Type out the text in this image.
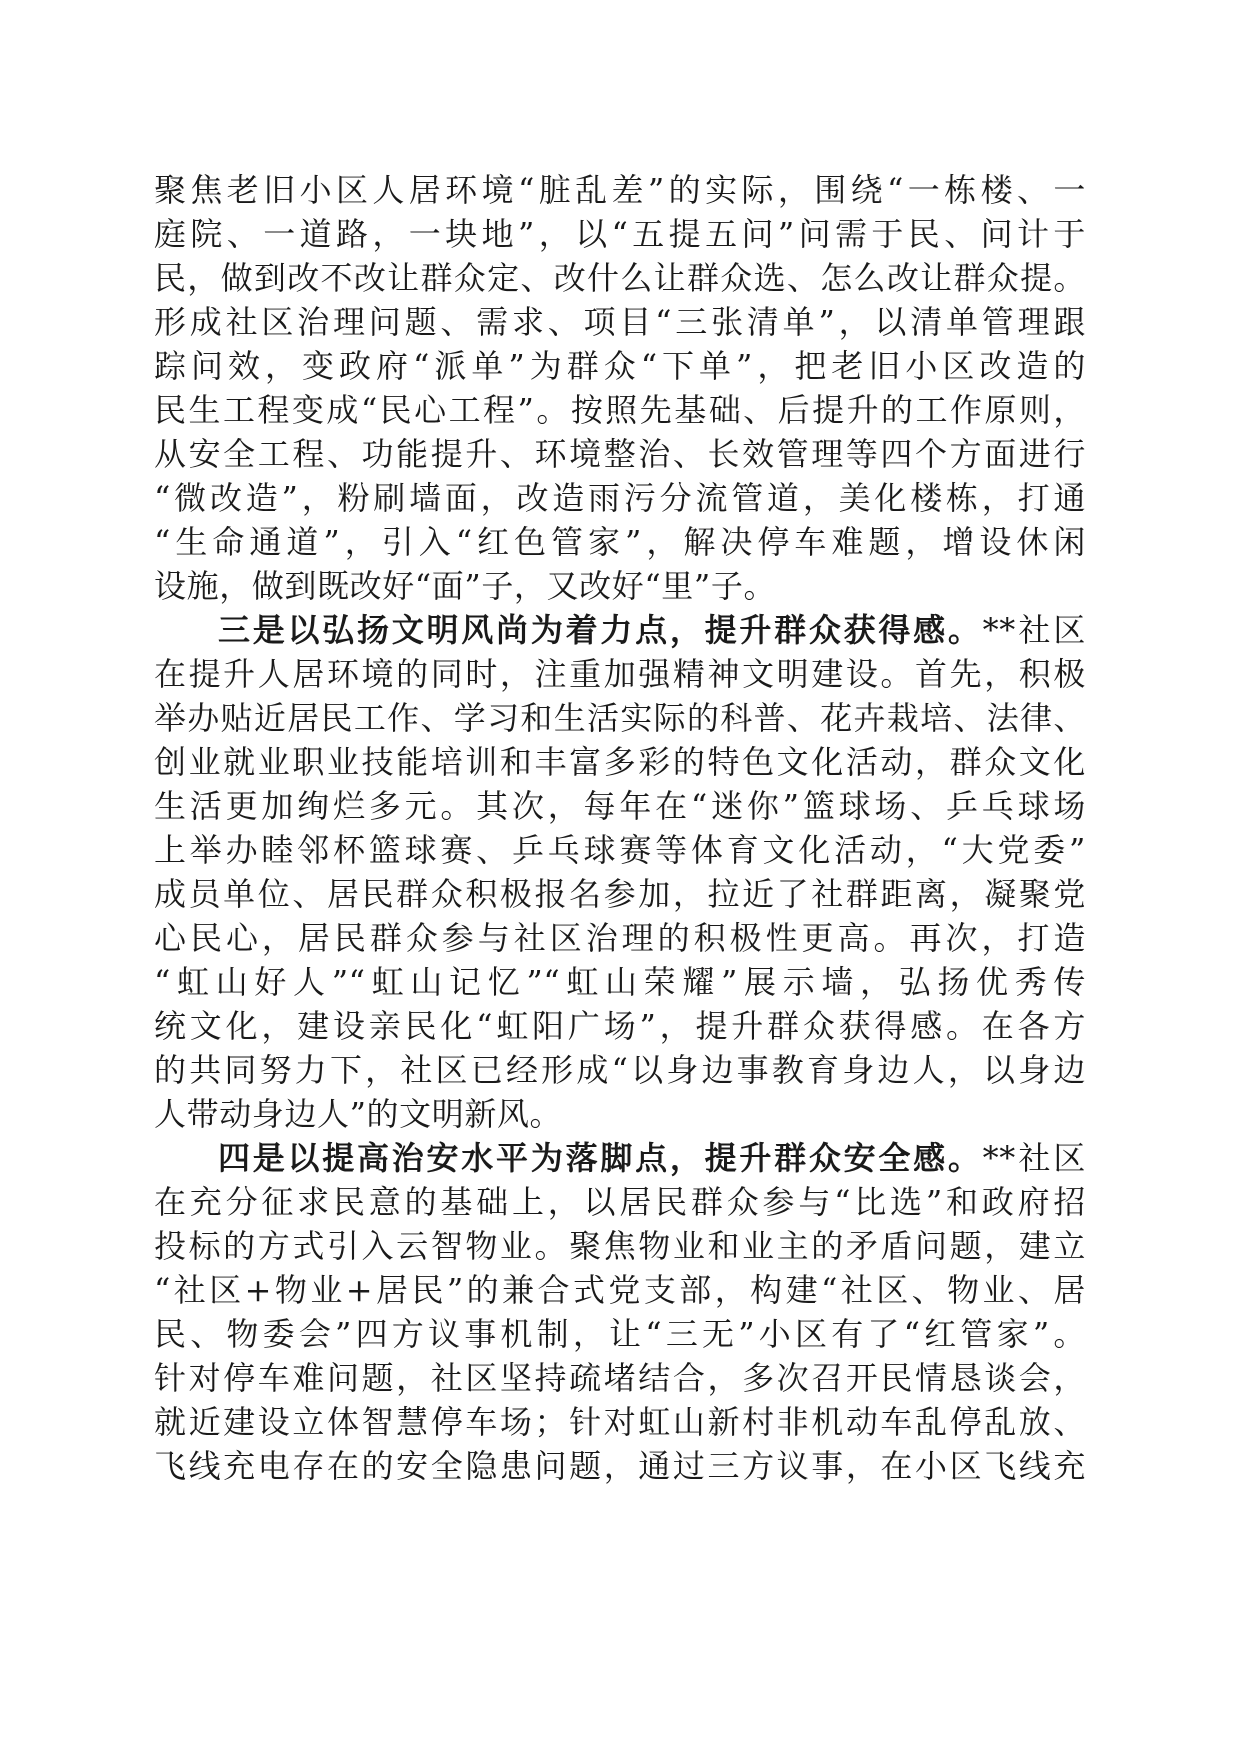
聚焦老旧小区人居环境“脏乱差”的实际，围绕“一栋楼、一
庭院、一道路，一块地”，以“五提五问”问需于民、问计于
民，做到改不改让群众定、改什么让群众选、怎么改让群众提。
形成社区治理问题、需求、项目“三张清单”，以清单管理跟
踪问效，变政府“派单”为群众“下单”，把老旧小区改造的
民生工程变成“民心工程”。按照先基础、后提升的工作原则，
从安全工程、功能提升、环境整治、长效管理等四个方面进行
“微改造”，粉刷墙面，改造雨污分流管道，美化楼栋，打通
“生命通道”，引入“红色管家”，解决停车难题，增设休闲
设施，做到既改好“面”子，又改好“里”子。
三是以弘扬文明风尚为着力点，提升群众获得感。**社区
在提升人居环境的同时，注重加强精神文明建设。首先，积极
举办贴近居民工作、学习和生活实际的科普、花卉栽培、法律、
创业就业职业技能培训和丰富多彩的特色文化活动，群众文化
生活更加绚烂多元。其次，每年在“迷你”篮球场、乒乓球场
上举办睦邻杯篮球赛、乒乓球赛等体育文化活动，“大党委”
成员单位、居民群众积极报名参加，拉近了社群距离，凝聚党
心民心，居民群众参与社区治理的积极性更高。再次，打造
“虹山好人”“虹山记忆”“虹山荣耀”展示墙，弘扬优秀传
统文化，建设亲民化“虹阳广场”，提升群众获得感。在各方
的共同努力下，社区已经形成“以身边事教育身边人，以身边
人带动身边人”的文明新风。
四是以提高治安水平为落脚点，提升群众安全感。**社区
在充分征求民意的基础上，以居民群众参与“比选”和政府招
投标的方式引入云智物业。聚焦物业和业主的矛盾问题，建立
“社区+物业+居民”的兼合式党支部，构建“社区、物业、居
民、物委会”四方议事机制，让“三无”小区有了“红管家”。
针对停车难问题，社区坚持疏堵结合，多次召开民情恳谈会，
就近建设立体智慧停车场；针对虹山新村非机动车乱停乱放、
飞线充电存在的安全隐患问题，通过三方议事，在小区飞线充
